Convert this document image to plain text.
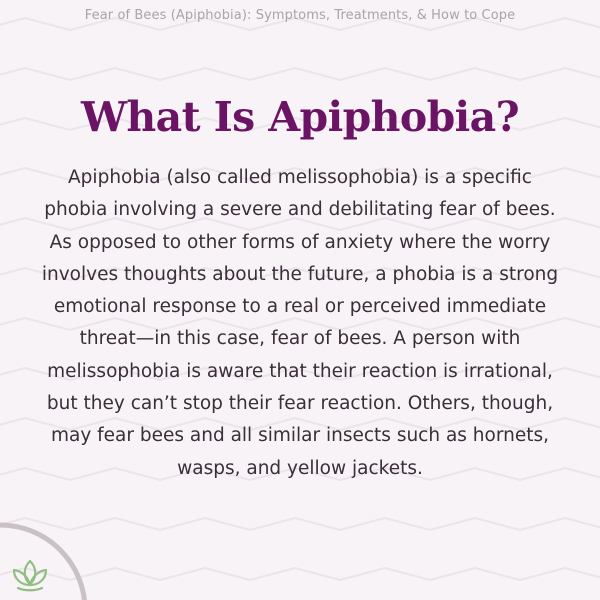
Fear of Bees (Apiphobia): Symptoms, Treatments, & How to Cope
What Is Apiphobia?
Apiphobia (also called melissophobia) is a specific phobia involving a severe and debilitating fear of bees. As opposed to other forms of anxiety where the worry involves thoughts about the future, a phobia is a strong emotional response to a real or perceived immediate threat—in this case, fear of bees. A person with melissophobia is aware that their reaction is irrational, but they can’t stop their fear reaction. Others, though, may fear bees and all similar insects such as hornets, wasps, and yellow jackets.
